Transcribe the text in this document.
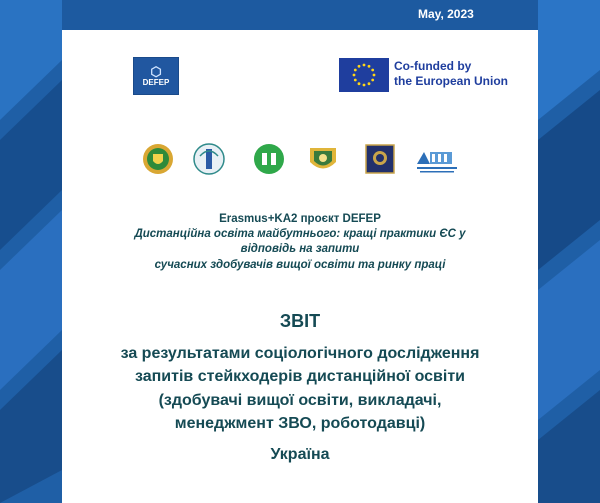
May, 2023
⬡
DEFEP
Co-funded by
the European Union
Erasmus+KA2 проєкт DEFEP
Дистанційна освіта майбутнього: кращі практики ЄС у
відповідь на запити
сучасних здобувачів вищої освіти та ринку праці
ЗВІТ
за результатами соціологічного дослідження
запитів стейкходерів дистанційної освіти
(здобувачі вищої освіти, викладачі,
менеджмент ЗВО, роботодавці)
Україна
